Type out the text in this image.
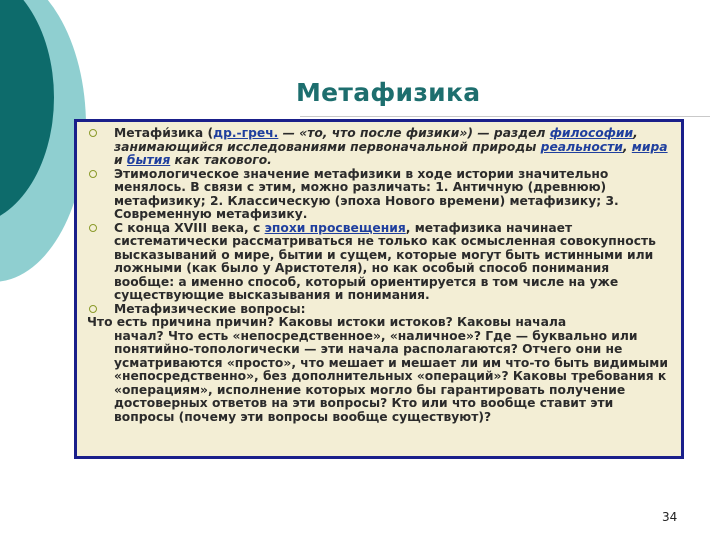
Метафизика
Метафи́зика (др.-греч. — «то, что после физики») — раздел философии, занимающийся исследованиями первоначальной природы реальности, мира и бытия как такового.
Этимологическое значение метафизики в ходе истории значительно менялось. В связи с этим, можно различать: 1. Античную (древнюю) метафизику; 2. Классическую (эпоха Нового времени) метафизику; 3. Современную метафизику.
С конца XVIII века, с эпохи просвещения, метафизика начинает систематически рассматриваться не только как осмысленная совокупность высказываний о мире, бытии и сущем, которые могут быть истинными или ложными (как было у Аристотеля), но как особый способ понимания вообще: а именно способ, который ориентируется в том числе на уже существующие высказывания и понимания.
Метафизические вопросы:
Что есть причина причин? Каковы истоки истоков? Каковы начала
начал? Что есть «непосредственное», «наличное»? Где — буквально или понятийно-топологически — эти начала располагаются? Отчего они не усматриваются «просто», что мешает и мешает ли им что-то быть видимыми «непосредственно», без дополнительных «операций»? Каковы требования к «операциям», исполнение которых могло бы гарантировать получение достоверных ответов на эти вопросы? Кто или что вообще ставит эти вопросы (почему эти вопросы вообще существуют)?
34
